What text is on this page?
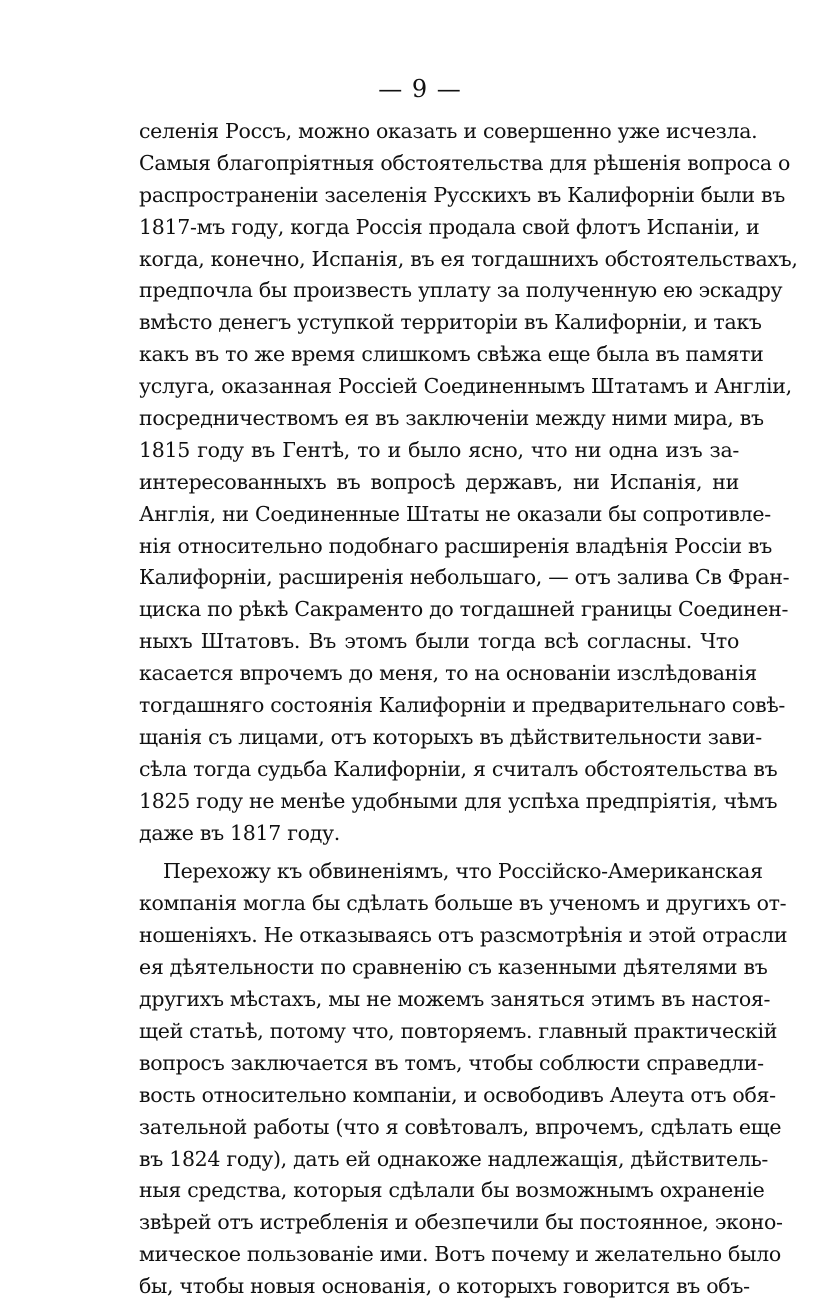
— 9 —
селенія Россъ, можно оказать и совершенно уже исчезла.
Самыя благопріятныя обстоятельства для рѣшенія вопроса о
распространеніи заселенія Русскихъ въ Калифорніи были въ
1817-мъ году, когда Россія продала свой флотъ Испаніи, и
когда, конечно, Испанія, въ ея тогдашнихъ обстоятельствахъ,
предпочла бы произвесть уплату за полученную ею эскадру
вмѣсто денегъ уступкой территоріи въ Калифорніи, и такъ
какъ въ то же время слишкомъ свѣжа еще была въ памяти
услуга, оказанная Россіей Соединеннымъ Штатамъ и Англіи,
посредничествомъ ея въ заключеніи между ними мира, въ
1815 году въ Гентѣ, то и было ясно, что ни одна изъ за-
интересованныхъ въ вопросѣ державъ, ни Испанія, ни
Англія, ни Соединенные Штаты не оказали бы сопротивле-
нія относительно подобнаго расширенія владѣнія Россіи въ
Калифорніи, расширенія небольшаго, — отъ залива Св Фран-
циска по рѣкѣ Сакраменто до тогдашней границы Соединен-
ныхъ Штатовъ. Въ этомъ были тогда всѣ согласны. Что
касается впрочемъ до меня, то на основаніи изслѣдованія
тогдашняго состоянія Калифорніи и предварительнаго совѣ-
щанія съ лицами, отъ которыхъ въ дѣйствительности зави-
сѣла тогда судьба Калифорніи, я считалъ обстоятельства въ
1825 году не менѣе удобными для успѣха предпріятія, чѣмъ
даже въ 1817 году.
Перехожу къ обвиненіямъ, что Россійско-Американская
компанія могла бы сдѣлать больше въ ученомъ и другихъ от-
ношеніяхъ. Не отказываясь отъ разсмотрѣнія и этой отрасли
ея дѣятельности по сравненію съ казенными дѣятелями въ
другихъ мѣстахъ, мы не можемъ заняться этимъ въ настоя-
щей статьѣ, потому что, повторяемъ. главный практическій
вопросъ заключается въ томъ, чтобы соблюсти справедли-
вость относительно компаніи, и освободивъ Алеута отъ обя-
зательной работы (что я совѣтовалъ, впрочемъ, сдѣлать еще
въ 1824 году), дать ей однакоже надлежащія, дѣйствитель-
ныя средства, которыя сдѣлали бы возможнымъ охраненіе
звѣрей отъ истребленія и обезпечили бы постоянное, эконо-
мическое пользованіе ими. Вотъ почему и желательно было
бы, чтобы новыя основанія, о которыхъ говорится въ объ-
